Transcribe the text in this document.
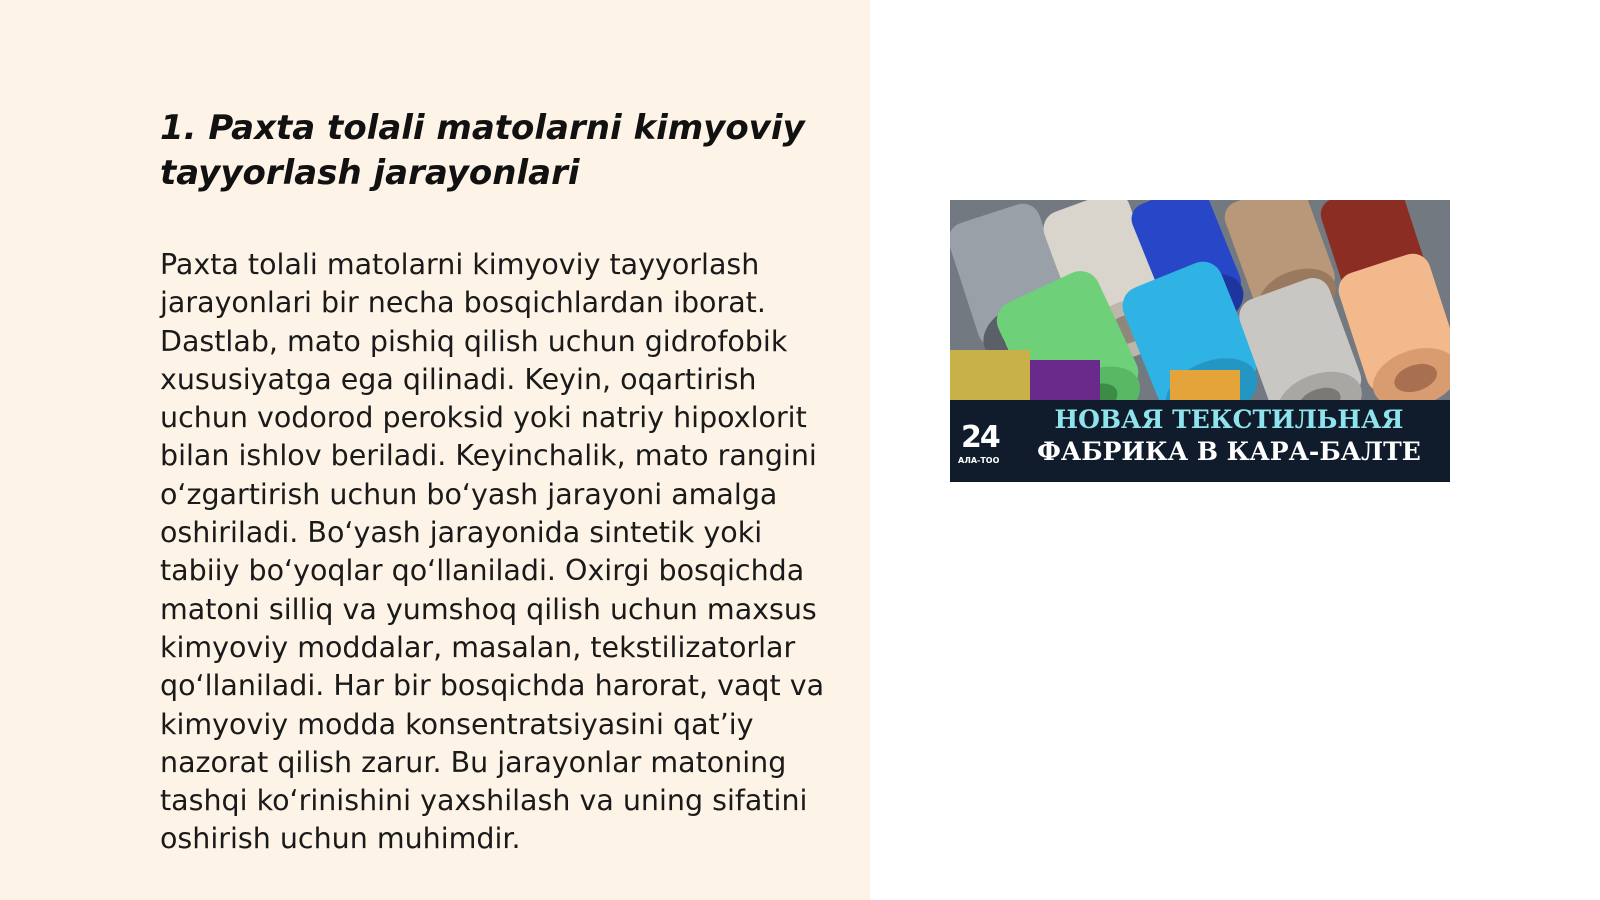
1. Paxta tolali matolarni kimyoviy tayyorlash jarayonlari

Paxta tolali matolarni kimyoviy tayyorlash jarayonlari bir necha bosqichlardan iborat. Dastlab, mato pishiq qilish uchun gidrofobik xususiyatga ega qilinadi. Keyin, oqartirish uchun vodorod peroksid yoki natriy hipoxlorit bilan ishlov beriladi. Keyinchalik, mato rangini oʻzgartirish uchun boʻyash jarayoni amalga oshiriladi. Boʻyash jarayonida sintetik yoki tabiiy boʻyoqlar qoʻllaniladi. Oxirgi bosqichda matoni silliq va yumshoq qilish uchun maxsus kimyoviy moddalar, masalan, tekstilizatorlar qoʻllaniladi. Har bir bosqichda harorat, vaqt va kimyoviy modda konsentratsiyasini qatʼiy nazorat qilish zarur. Bu jarayonlar matoning tashqi koʻrinishini yaxshilash va uning sifatini oshirish uchun muhimdir.

24
АЛА-ТОО
НОВАЯ ТЕКСТИЛЬНАЯ
ФАБРИКА В КАРА-БАЛТЕ
